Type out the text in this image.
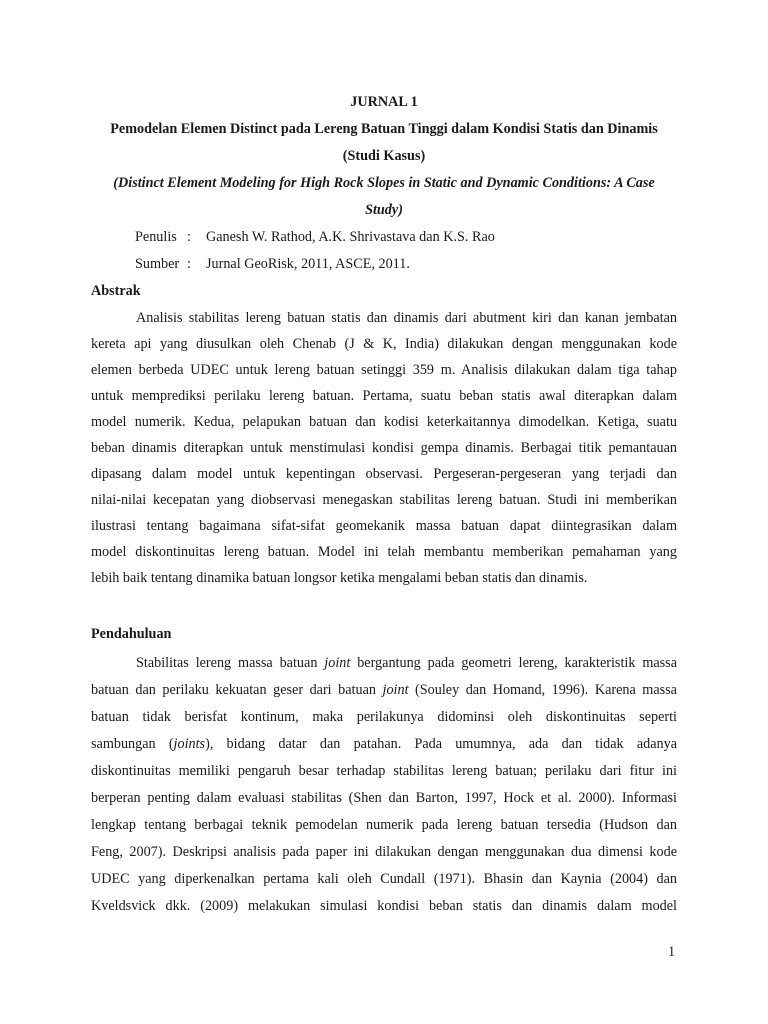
JURNAL 1
Pemodelan Elemen Distinct pada Lereng Batuan Tinggi dalam Kondisi Statis dan Dinamis
(Studi Kasus)
(Distinct Element Modeling for High Rock Slopes in Static and Dynamic Conditions: A Case
Study)
Penulis : Ganesh W. Rathod, A.K. Shrivastava dan K.S. Rao
Sumber : Jurnal GeoRisk, 2011, ASCE, 2011.
Abstrak
Analisis stabilitas lereng batuan statis dan dinamis dari abutment kiri dan kanan jembatan
kereta api yang diusulkan oleh Chenab (J & K, India) dilakukan dengan menggunakan kode
elemen berbeda UDEC untuk lereng batuan setinggi 359 m. Analisis dilakukan dalam tiga tahap
untuk memprediksi perilaku lereng batuan. Pertama, suatu beban statis awal diterapkan dalam
model numerik. Kedua, pelapukan batuan dan kodisi keterkaitannya dimodelkan. Ketiga, suatu
beban dinamis diterapkan untuk menstimulasi kondisi gempa dinamis. Berbagai titik pemantauan
dipasang dalam model untuk kepentingan observasi. Pergeseran-pergeseran yang terjadi dan
nilai-nilai kecepatan yang diobservasi menegaskan stabilitas lereng batuan. Studi ini memberikan
ilustrasi tentang bagaimana sifat-sifat geomekanik massa batuan dapat diintegrasikan dalam
model diskontinuitas lereng batuan. Model ini telah membantu memberikan pemahaman yang
lebih baik tentang dinamika batuan longsor ketika mengalami beban statis dan dinamis.
Pendahuluan
Stabilitas lereng massa batuan joint bergantung pada geometri lereng, karakteristik massa
batuan dan perilaku kekuatan geser dari batuan joint (Souley dan Homand, 1996). Karena massa
batuan tidak berisfat kontinum, maka perilakunya didominsi oleh diskontinuitas seperti
sambungan (joints), bidang datar dan patahan. Pada umumnya, ada dan tidak adanya
diskontinuitas memiliki pengaruh besar terhadap stabilitas lereng batuan; perilaku dari fitur ini
berperan penting dalam evaluasi stabilitas (Shen dan Barton, 1997, Hock et al. 2000). Informasi
lengkap tentang berbagai teknik pemodelan numerik pada lereng batuan tersedia (Hudson dan
Feng, 2007). Deskripsi analisis pada paper ini dilakukan dengan menggunakan dua dimensi kode
UDEC yang diperkenalkan pertama kali oleh Cundall (1971). Bhasin dan Kaynia (2004) dan
Kveldsvick dkk. (2009) melakukan simulasi kondisi beban statis dan dinamis dalam model
1
